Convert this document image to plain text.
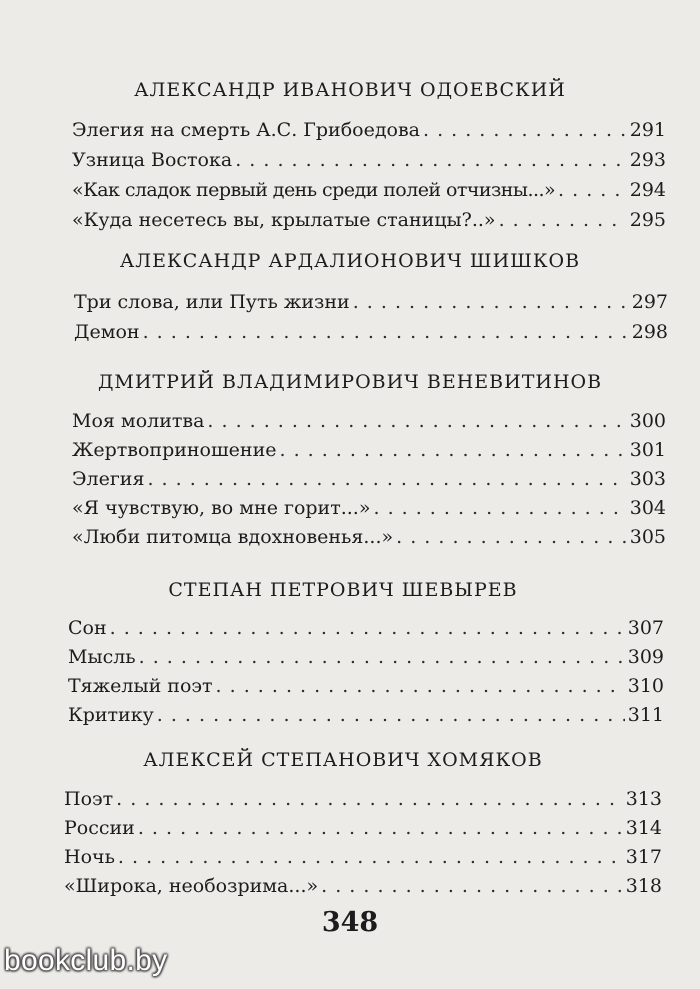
АЛЕКСАНДР ИВАНОВИЧ ОДОЕВСКИЙ
Элегия на смерть А.С. Грибоедова . . .	291
Узница Востока . . .	293
«Как сладок первый день среди полей отчизны...» . . .	294
«Куда несетесь вы, крылатые станицы?..» . . .	295
АЛЕКСАНДР АРДАЛИОНОВИЧ ШИШКОВ
Три слова, или Путь жизни . . .	297
Демон . . .	298
ДМИТРИЙ ВЛАДИМИРОВИЧ ВЕНЕВИТИНОВ
Моя молитва . . .	300
Жертвоприношение . . .	301
Элегия . . .	303
«Я чувствую, во мне горит...» . . .	304
«Люби питомца вдохновенья...» . . .	305
СТЕПАН ПЕТРОВИЧ ШЕВЫРЕВ
Сон . . .	307
Мысль . . .	309
Тяжелый поэт . . .	310
Критику . . .	311
АЛЕКСЕЙ СТЕПАНОВИЧ ХОМЯКОВ
Поэт . . .	313
России . . .	314
Ночь . . .	317
«Широка, необозрима...» . . .	318
348
bookclub.by
